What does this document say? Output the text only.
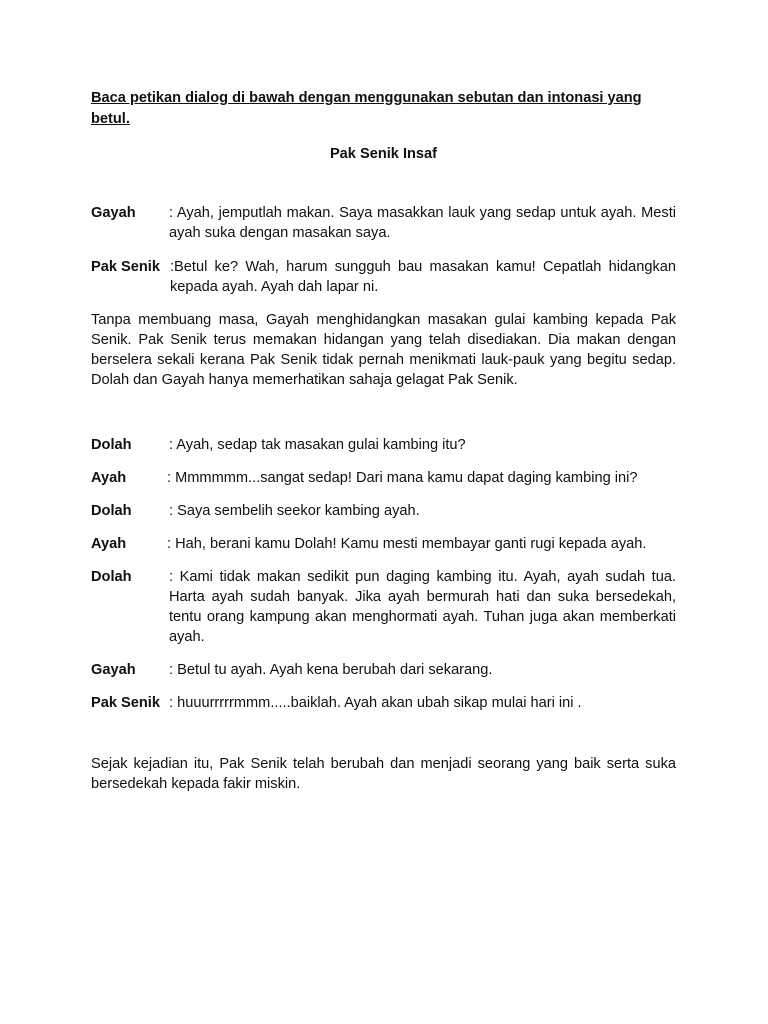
Baca petikan dialog di bawah dengan menggunakan sebutan dan intonasi yang betul.

Pak Senik Insaf

Gayah	: Ayah, jemputlah makan. Saya masakkan lauk yang sedap untuk ayah. Mesti ayah suka dengan masakan saya.
Pak Senik :Betul ke? Wah, harum sungguh bau masakan kamu! Cepatlah hidangkan kepada ayah. Ayah dah lapar ni.

Tanpa membuang masa, Gayah menghidangkan masakan gulai kambing kepada Pak Senik. Pak Senik terus memakan hidangan yang telah disediakan. Dia makan dengan berselera sekali kerana Pak Senik tidak pernah menikmati lauk-pauk yang begitu sedap. Dolah dan Gayah hanya memerhatikan sahaja gelagat Pak Senik.

Dolah	: Ayah, sedap tak masakan gulai kambing itu?
Ayah	: Mmmmmm...sangat sedap! Dari mana kamu dapat daging kambing ini?
Dolah	: Saya sembelih seekor kambing ayah.
Ayah	: Hah, berani kamu Dolah! Kamu mesti membayar ganti rugi kepada ayah.
Dolah	: Kami tidak makan sedikit pun daging kambing itu. Ayah, ayah sudah tua. Harta ayah sudah banyak. Jika ayah bermurah hati dan suka bersedekah, tentu orang kampung akan menghormati ayah. Tuhan juga akan memberkati ayah.
Gayah	: Betul tu ayah. Ayah kena berubah dari sekarang.
Pak Senik : huuurrrrrmmm.....baiklah. Ayah akan ubah sikap mulai hari ini .

Sejak kejadian itu, Pak Senik telah berubah dan menjadi seorang yang baik serta suka bersedekah kepada fakir miskin.
